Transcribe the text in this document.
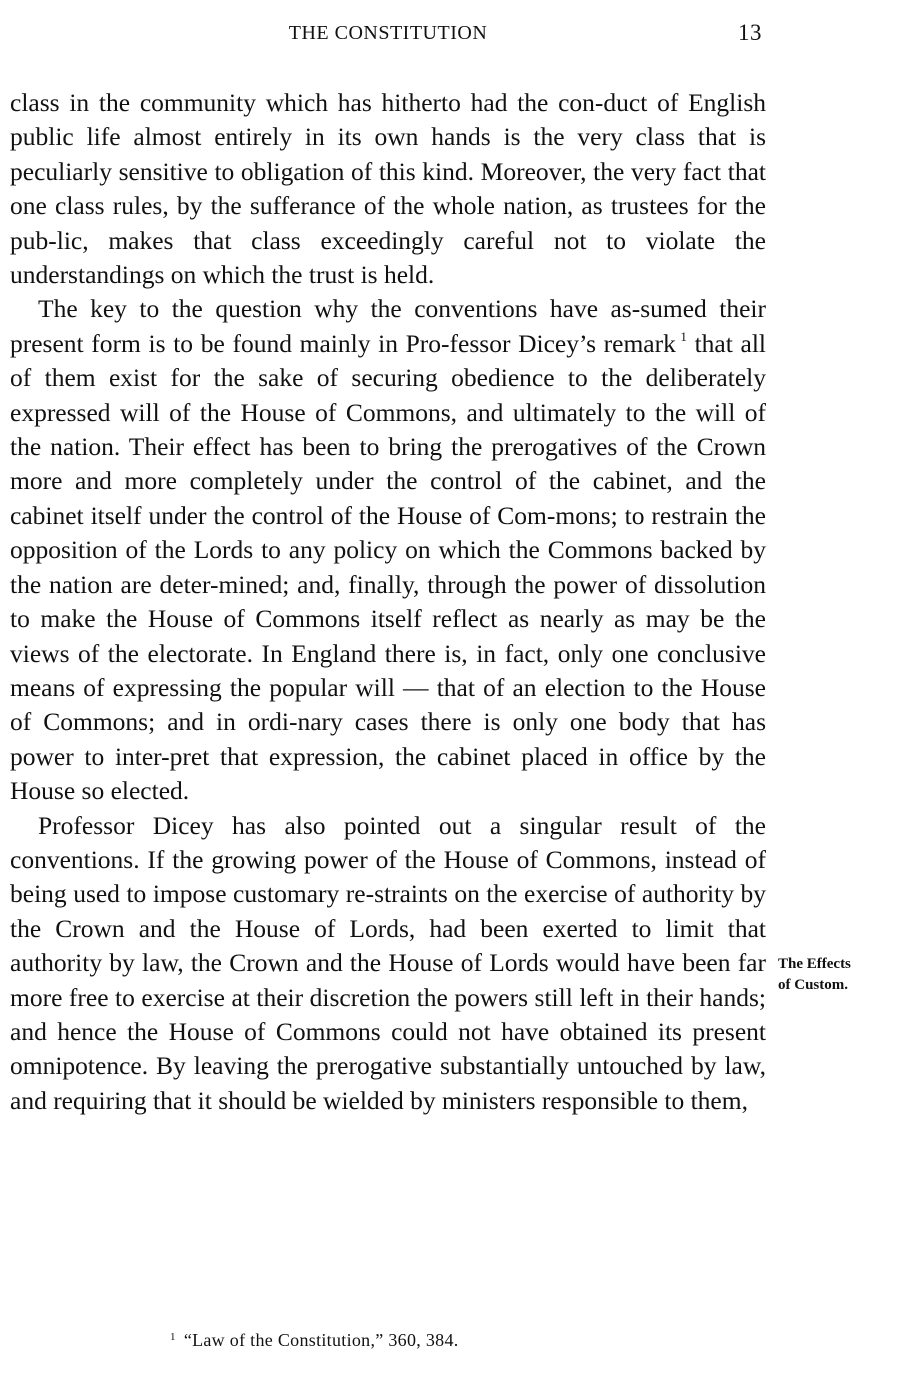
THE CONSTITUTION	13

class in the community which has hitherto had the con-duct of English public life almost entirely in its own hands is the very class that is peculiarly sensitive to obligation of this kind. Moreover, the very fact that one class rules, by the sufferance of the whole nation, as trustees for the pub-lic, makes that class exceedingly careful not to violate the understandings on which the trust is held.

The key to the question why the conventions have as-sumed their present form is to be found mainly in Pro-fessor Dicey’s remark $^1$ that all of them exist for the sake of securing obedience to the deliberately expressed will of the House of Commons, and ultimately to the will of the nation. Their effect has been to bring the prerogatives of the Crown more and more completely under the control of the cabinet, and the cabinet itself under the control of the House of Com-mons; to restrain the opposition of the Lords to any policy on which the Commons backed by the nation are deter-mined; and, finally, through the power of dissolution to make the House of Commons itself reflect as nearly as may be the views of the electorate. In England there is, in fact, only one conclusive means of expressing the popular will — that of an election to the House of Commons; and in ordi-nary cases there is only one body that has power to inter-pret that expression, the cabinet placed in office by the House so elected.

Professor Dicey has also pointed out a singular result of the conventions. If the growing power of the House of Commons, instead of being used to impose customary re-straints on the exercise of authority by the Crown and the House of Lords, had been exerted to limit that authority by law, the Crown and the House of Lords would have been far more free to exercise at their discretion the powers still left in their hands; and hence the House of Commons could not have obtained its present omnipotence. By leaving the prerogative substantially untouched by law, and requiring that it should be wielded by ministers responsible to them,

The Effects
of Custom.
$^1$ “Law of the Constitution,” 360, 384.
